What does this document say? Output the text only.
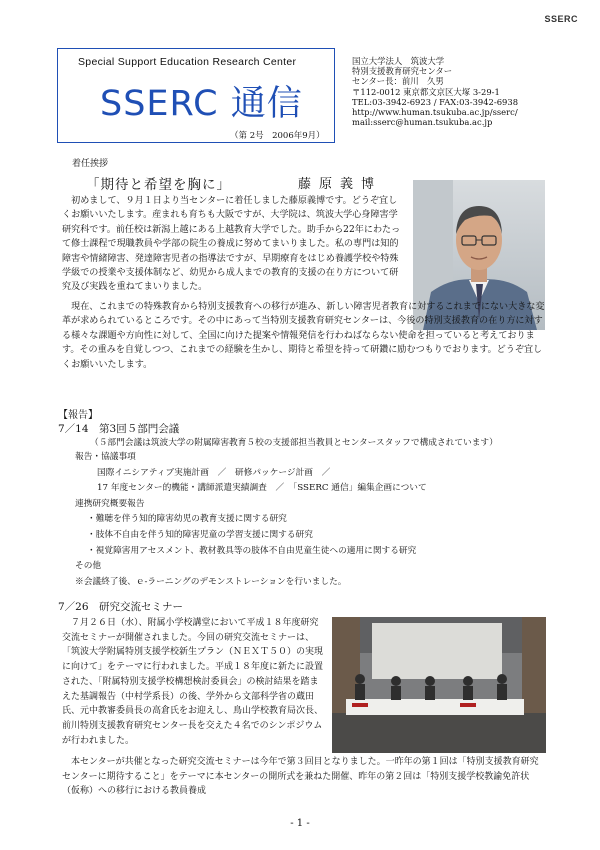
SSERC
Special Support Education Research Center
SSERC 通信
（第 2号　2006年9月）
国立大学法人　筑波大学
特別支援教育研究センター
センター長：前川　久男
〒112-0012 東京都文京区大塚 3-29-1
TEL:03-3942-6923 / FAX:03-3942-6938
http://www.human.tsukuba.ac.jp/sserc/
mail:sserc@human.tsukuba.ac.jp
着任挨拶
「期待と希望を胸に」	藤原義博
初めまして、９月１日より当センターに着任しました藤原義博です。どうぞ宜しくお願いいたします。産まれも育ちも大阪ですが、大学院は、筑波大学心身障害学研究科です。前任校は新潟上越にある上越教育大学でした。助手から22年にわたって修士課程で現職教員や学部の院生の養成に努めてまいりました。私の専門は知的障害や情緒障害、発達障害児者の指導法ですが、早期療育をはじめ養護学校や特殊学級での授業や支援体制など、幼児から成人までの教育的支援の在り方について研究及び実践を重ねてまいりました。
現在、これまでの特殊教育から特別支援教育への移行が進み、新しい障害児者教育に対するこれまでにない大きな変革が求められているところです。その中にあって当特別支援教育研究センターは、今後の特別支援教育の在り方に対する様々な課題や方向性に対して、全国に向けた提案や情報発信を行わねばならない使命を担っていると考えております。その重みを自覚しつつ、これまでの経験を生かし、期待と希望を持って研鑽に励むつもりでおります。どうぞ宜しくお願いいたします。
【報告】
7／14　第3回５部門会議
（５部門会議は筑波大学の附属障害教育５校の支援部担当教員とセンタースタッフで構成されています）
報告・協議事項
国際イニシアティブ実施計画　／　研修パッケージ計画　／
17 年度センター的機能・講師派遣実績調査　／　「SSERC 通信」編集企画について
連携研究概要報告
・難聴を伴う知的障害幼児の教育支援に関する研究
・肢体不自由を伴う知的障害児童の学習支援に関する研究
・視覚障害用アセスメント、教材教具等の肢体不自由児童生徒への適用に関する研究
その他
※会議終了後、ｅ-ラーニングのデモンストレーションを行いました。
7／26　研究交流セミナー
７月２６日（水）、附属小学校講堂において平成１８年度研究交流セミナーが開催されました。今回の研究交流セミナーは、「筑波大学附属特別支援学校新生プラン（ＮＥＸＴ５０）の実現に向けて」をテーマに行われました。平成１８年度に新たに設置された、「附属特別支援学校構想検討委員会」の検討結果を踏まえた基調報告（中村学系長）の後、学外から文部科学省の蔵田氏、元中教審委員長の高倉氏をお迎えし、鳥山学校教育局次長、前川特別支援教育研究センター長を交えた４名でのシンポジウムが行われました。
本センターが共催となった研究交流セミナーは今年で第３回目となりました。一昨年の第１回は「特別支援教育研究センターに期待すること」をテーマに本センターの開所式を兼ねた開催、昨年の第２回は「特別支援学校教諭免許状（仮称）への移行における教員養成
- 1 -
